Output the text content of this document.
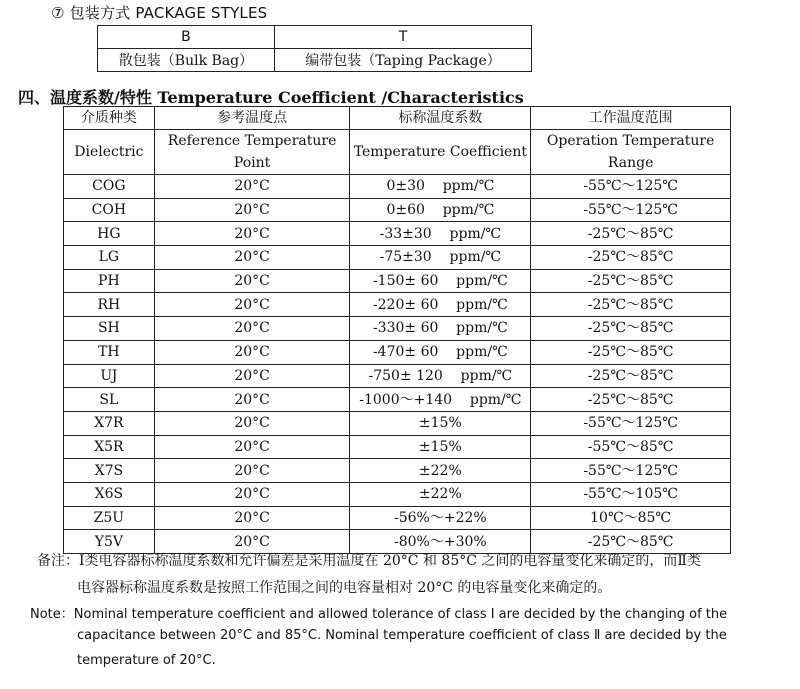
⑦ 包装方式 PACKAGE STYLES
B	T
散包装（Bulk Bag）	编带包装（Taping Package）
四、温度系数/特性 Temperature Coefficient /Characteristics
介质种类	参考温度点	标称温度系数	工作温度范围
Dielectric	Reference Temperature Point	Temperature Coefficient	Operation Temperature Range
COG	20°C	0±30    ppm/℃	-55℃～125℃
COH	20°C	0±60    ppm/℃	-55℃～125℃
HG	20°C	-33±30    ppm/℃	-25℃～85℃
LG	20°C	-75±30    ppm/℃	-25℃～85℃
PH	20°C	-150± 60    ppm/℃	-25℃～85℃
RH	20°C	-220± 60    ppm/℃	-25℃～85℃
SH	20°C	-330± 60    ppm/℃	-25℃～85℃
TH	20°C	-470± 60    ppm/℃	-25℃～85℃
UJ	20°C	-750± 120    ppm/℃	-25℃～85℃
SL	20°C	-1000～+140    ppm/℃	-25℃～85℃
X7R	20°C	±15%	-55℃～125℃
X5R	20°C	±15%	-55℃～85℃
X7S	20°C	±22%	-55℃～125℃
X6S	20°C	±22%	-55℃～105℃
Z5U	20°C	-56%～+22%	10℃～85℃
Y5V	20°C	-80%～+30%	-25℃～85℃
备注：Ⅰ类电容器标称温度系数和允许偏差是采用温度在 20°C 和 85°C 之间的电容量变化来确定的，而Ⅱ类
电容器标称温度系数是按照工作范围之间的电容量相对 20°C 的电容量变化来确定的。
Note：Nominal temperature coefficient and allowed tolerance of class Ⅰ are decided by the changing of the
capacitance between 20°C and 85°C. Nominal temperature coefficient of class Ⅱ are decided by the
temperature of 20°C.
